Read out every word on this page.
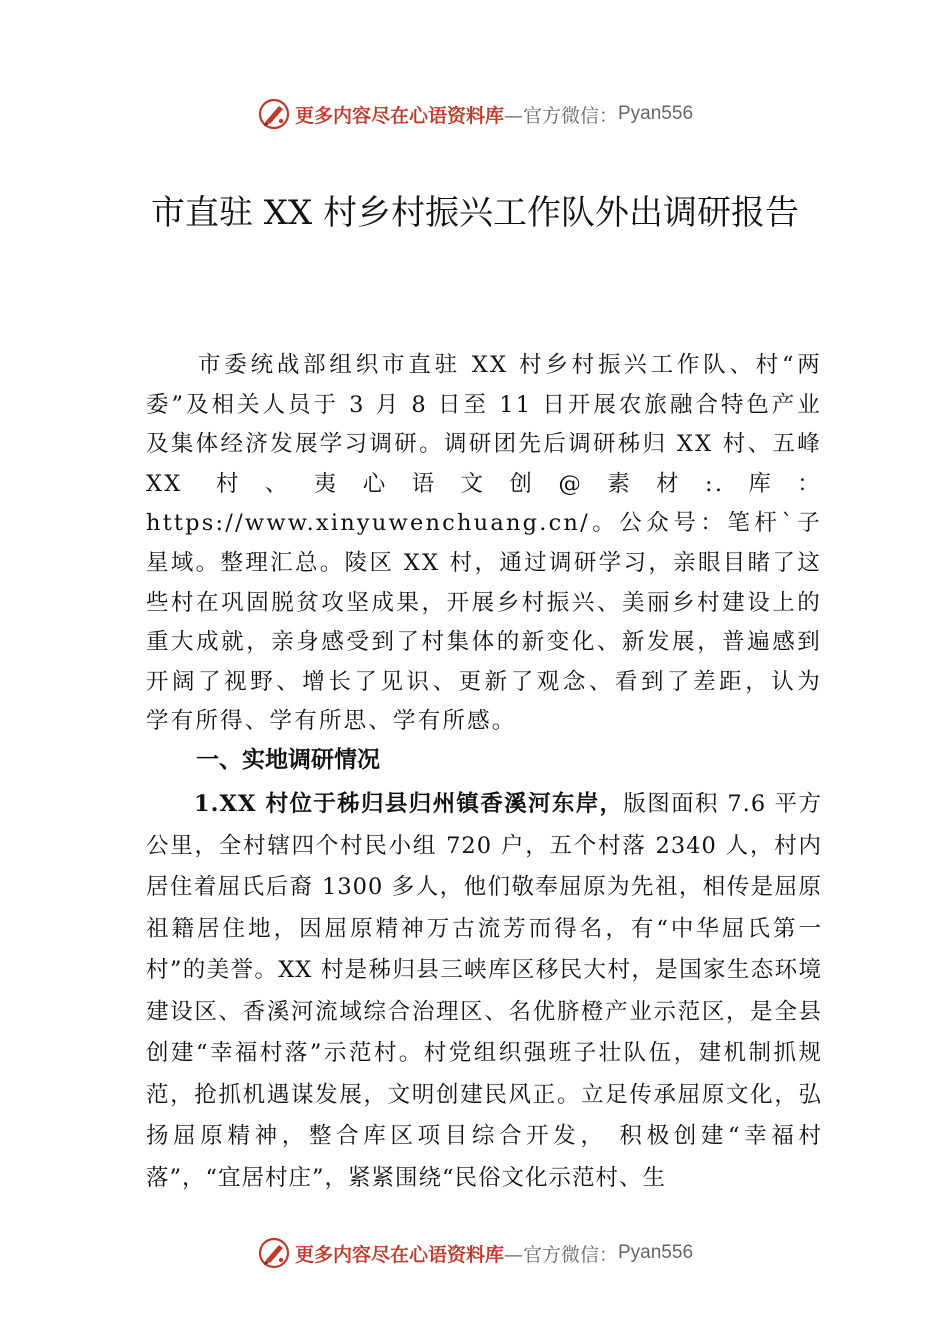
更多内容尽在心语资料库 —官方微信： Pyan556
市直驻 XX 村乡村振兴工作队外出调研报告

市委统战部组织市直驻 XX 村乡村振兴工作队、村“两委”及相关人员于 3 月 8 日至 11 日开展农旅融合特色产业及集体经济发展学习调研。调研团先后调研秭归 XX 村、五峰 XX 村、夷心语文创@素材:.库：https://www.xinyuwenchuang.cn/。公众号：笔杆`子星域。整理汇总。陵区 XX 村，通过调研学习，亲眼目睹了这些村在巩固脱贫攻坚成果，开展乡村振兴、美丽乡村建设上的重大成就，亲身感受到了村集体的新变化、新发展，普遍感到 开阔了视野、增长了见识、更新了观念、看到了差距，认为 学有所得、学有所思、学有所感。

一、实地调研情况

1.XX 村位于秭归县归州镇香溪河东岸，版图面积 7.6 平方公里，全村辖四个村民小组 720 户，五个村落 2340 人，村内居住着屈氏后裔 1300 多人，他们敬奉屈原为先祖，相传是屈原祖籍居住地，因屈原精神万古流芳而得名，有“中华屈氏第一村”的美誉。XX 村是秭归县三峡库区移民大村，是国家生态环境建设区、香溪河流域综合治理区、名优脐橙产业示范区，是全县创建“幸福村落”示范村。村党组织强班子壮队伍，建机制抓规范，抢抓机遇谋发展，文明创建民风正。立足传承屈原文化，弘扬屈原精神，整合库区项目综合开发， 积极创建“幸福村落”，“宜居村庄”，紧紧围绕“民俗文化示范村、生

更多内容尽在心语资料库 —官方微信： Pyan556
